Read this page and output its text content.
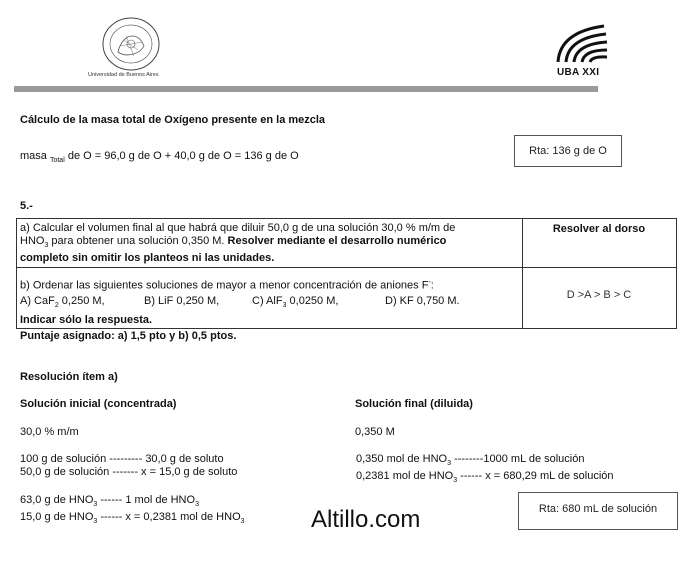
Universidad de Buenos Aires	UBA XXI
Cálculo de la masa total de Oxígeno presente en la mezcla
masa $_{Total}$ de O = 96,0 g de O + 40,0 g de O = 136 g de O	Rta: 136 g de O
5.-
a) Calcular el volumen final al que habrá que diluir 50,0 g de una solución 30,0 % m/m de
$HNO_3$ para obtener una solución 0,350 M. Resolver mediante el desarrollo numérico
completo sin omitir los planteos ni las unidades.
Resolver al dorso
b) Ordenar las siguientes soluciones de mayor a menor concentración de aniones F-:
A) CaF$_2$ 0,250 M,	B) LiF 0,250 M,	C) AlF$_3$ 0,0250 M,	D) KF 0,750 M.
Indicar sólo la respuesta.
D >A > B > C
Puntaje asignado: a) 1,5 pto y b) 0,5 ptos.
Resolución ítem a)
Solución inicial (concentrada)	Solución final (diluida)
30,0 % m/m	0,350 M
100 g de solución --------- 30,0 g de soluto
50,0 g de solución ------- x = 15,0 g de soluto
0,350 mol de $HNO_3$ --------1000 mL de solución
0,2381 mol de $HNO_3$ ------ x = 680,29 mL de solución
63,0 g de $HNO_3$ ------ 1 mol de $HNO_3$
15,0 g de $HNO_3$ ------ x = 0,2381 mol de $HNO_3$
Rta: 680 mL de solución
Altillo.com
